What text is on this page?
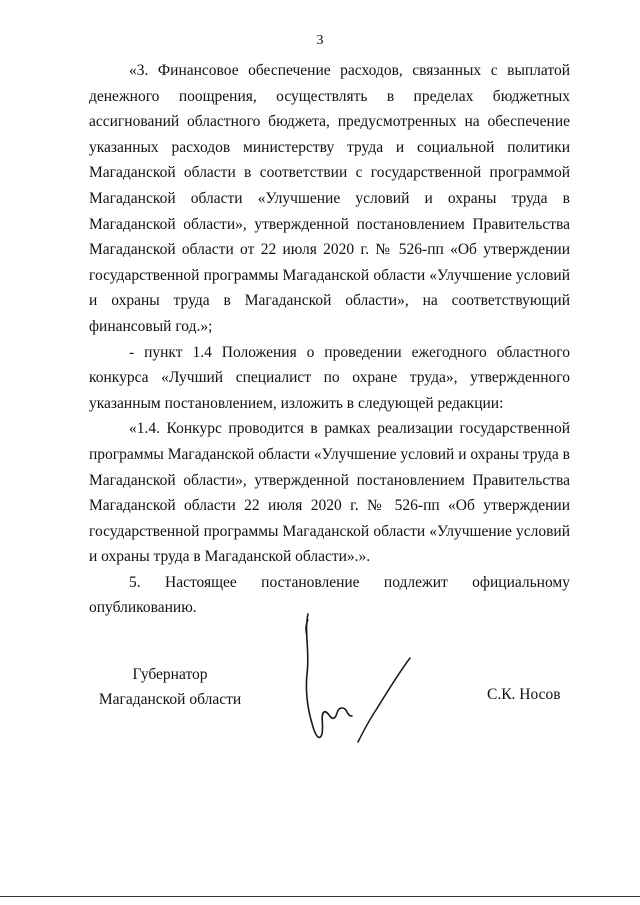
3

«3. Финансовое обеспечение расходов, связанных с выплатой денежного поощрения, осуществлять в пределах бюджетных ассигнований областного бюджета, предусмотренных на обеспечение указанных расходов министерству труда и социальной политики Магаданской области в соответствии с государственной программой Магаданской области «Улучшение условий и охраны труда в Магаданской области», утвержденной постановлением Правительства Магаданской области от 22 июля 2020 г. № 526-пп «Об утверждении государственной программы Магаданской области «Улучшение условий и охраны труда в Магаданской области», на соответствующий финансовый год.»;

- пункт 1.4 Положения о проведении ежегодного областного конкурса «Лучший специалист по охране труда», утвержденного указанным постановлением, изложить в следующей редакции:

«1.4. Конкурс проводится в рамках реализации государственной программы Магаданской области «Улучшение условий и охраны труда в Магаданской области», утвержденной постановлением Правительства Магаданской области 22 июля 2020 г. № 526-пп «Об утверждении государственной программы Магаданской области «Улучшение условий и охраны труда в Магаданской области».».

5. Настоящее постановление подлежит официальному опубликованию.

Губернатор
Магаданской области	С.К. Носов
